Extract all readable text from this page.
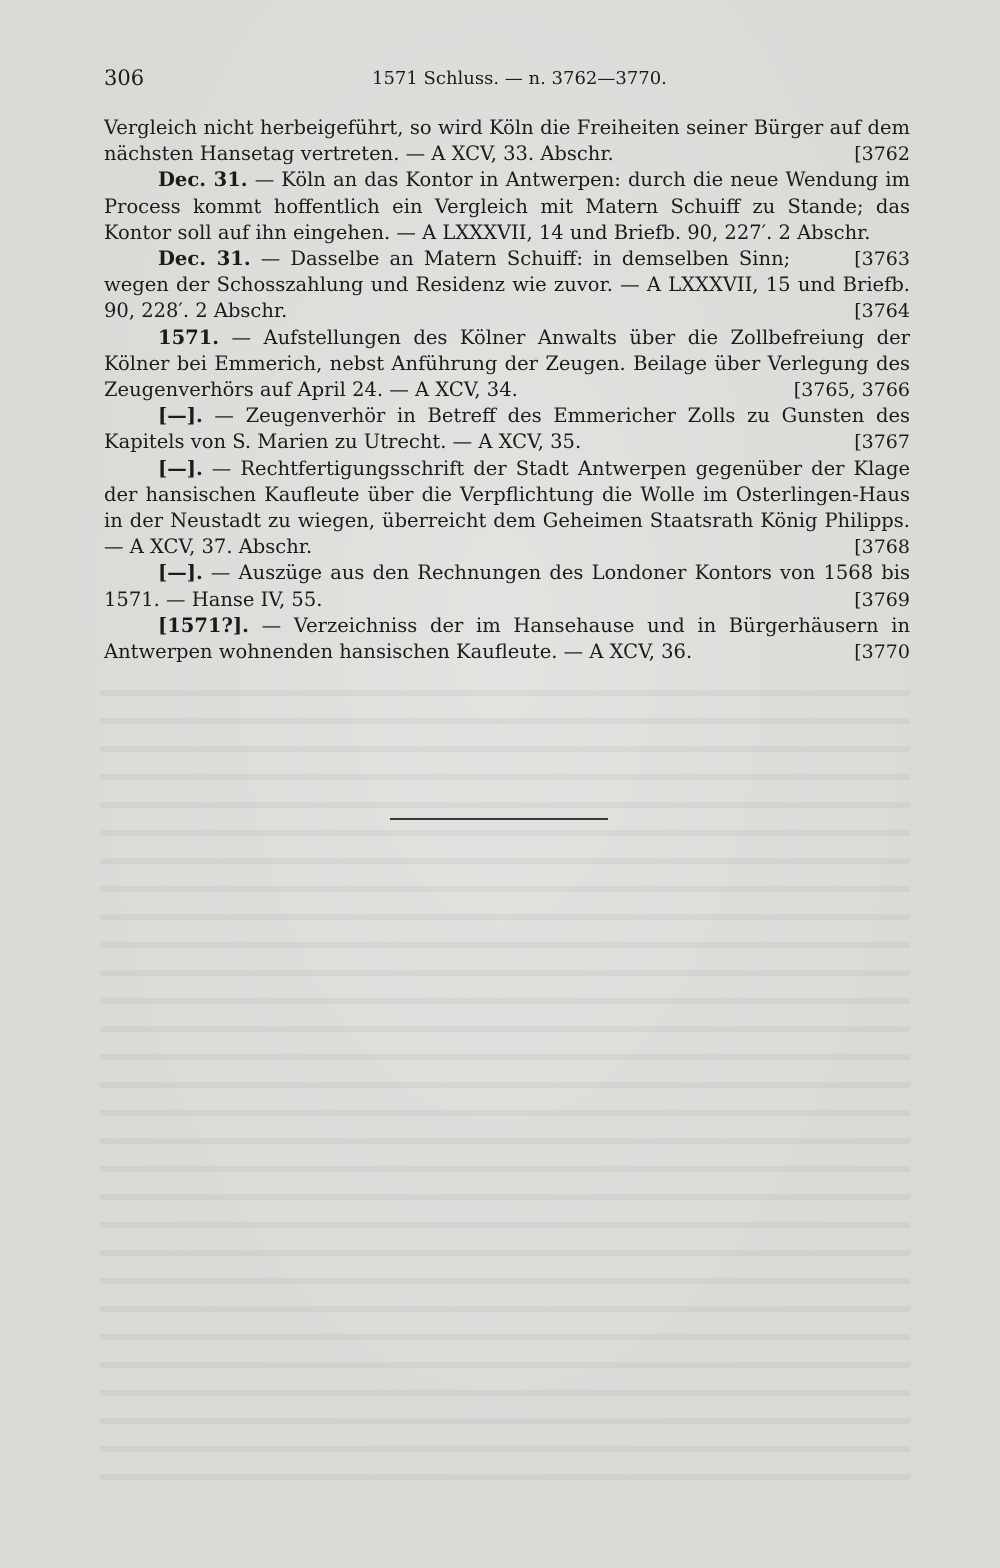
306	1571 Schluss. — n. 3762—3770.

Vergleich nicht herbeigeführt, so wird Köln die Freiheiten seiner Bürger auf dem nächsten Hansetag vertreten. — A XCV, 33. Abschr.	[3762

Dec. 31. — Köln an das Kontor in Antwerpen: durch die neue Wendung im Process kommt hoffentlich ein Vergleich mit Matern Schuiff zu Stande; das Kontor soll auf ihn eingehen. — A LXXXVII, 14 und Briefb. 90, 227′. 2 Abschr.
[3763

Dec. 31. — Dasselbe an Matern Schuiff: in demselben Sinn; wegen der Schosszahlung und Residenz wie zuvor. — A LXXXVII, 15 und Briefb. 90, 228′. 2 Abschr.	[3764

1571. — Aufstellungen des Kölner Anwalts über die Zollbefreiung der Kölner bei Emmerich, nebst Anführung der Zeugen. Beilage über Verlegung des Zeugenverhörs auf April 24. — A XCV, 34.	[3765, 3766

[—]. — Zeugenverhör in Betreff des Emmericher Zolls zu Gunsten des Kapitels von S. Marien zu Utrecht. — A XCV, 35.	[3767

[—]. — Rechtfertigungsschrift der Stadt Antwerpen gegenüber der Klage der hansischen Kaufleute über die Verpflichtung die Wolle im Osterlingen-Haus in der Neustadt zu wiegen, überreicht dem Geheimen Staatsrath König Philipps. — A XCV, 37. Abschr.	[3768

[—]. — Auszüge aus den Rechnungen des Londoner Kontors von 1568 bis 1571. — Hanse IV, 55.	[3769

[1571?]. — Verzeichniss der im Hansehause und in Bürgerhäusern in Antwerpen wohnenden hansischen Kaufleute. — A XCV, 36.	[3770
